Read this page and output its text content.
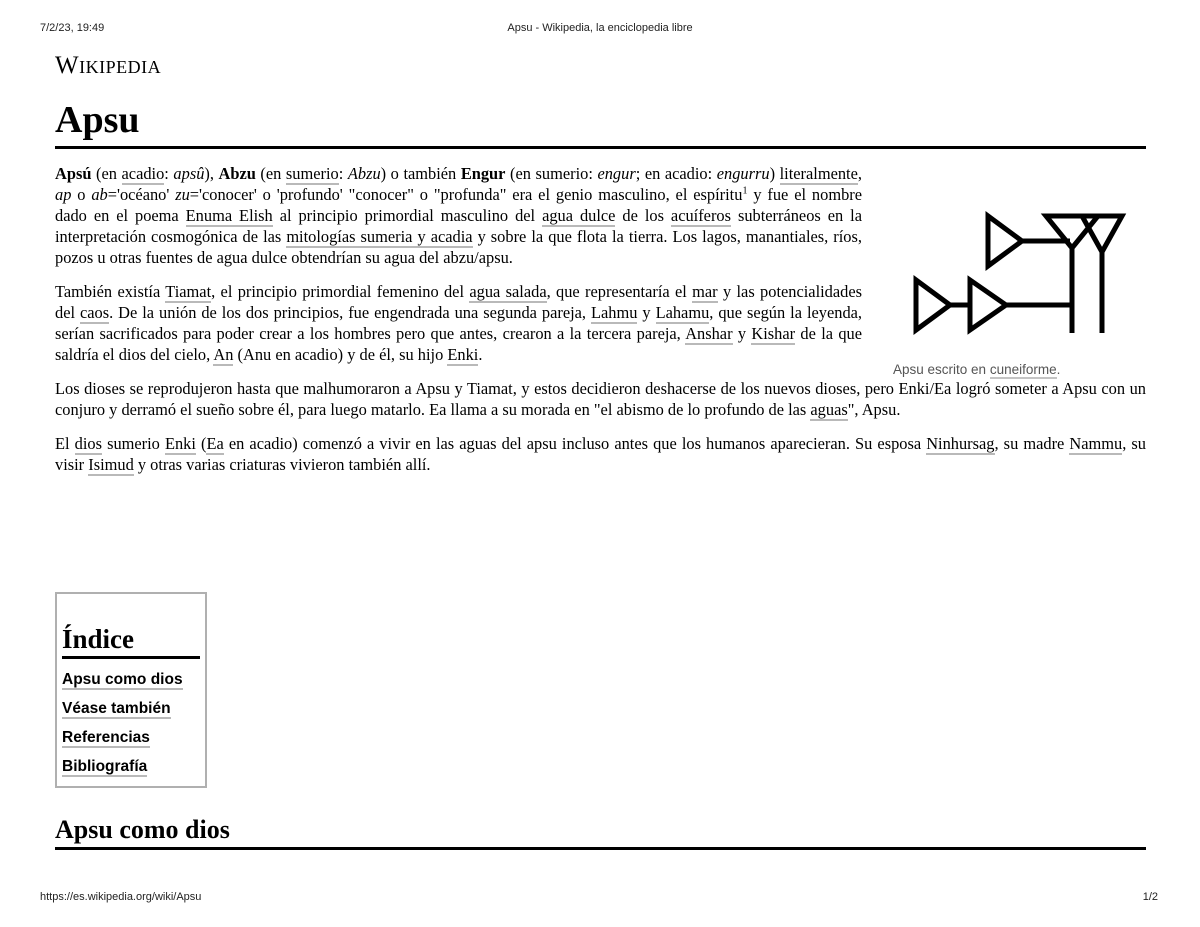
7/2/23, 19:49	Apsu - Wikipedia, la enciclopedia libre
Wikipedia
Apsu

Apsú (en acadio: apsû), Abzu (en sumerio: Abzu) o también Engur (en sumerio: engur; en acadio: engurru) literalmente, ap o ab='océano' zu='conocer' o 'profundo' "conocer" o "profunda" era el genio masculino, el espíritu$^1$ y fue el nombre dado en el poema Enuma Elish al principio primordial masculino del agua dulce de los acuíferos subterráneos en la interpretación cosmogónica de las mitologías sumeria y acadia y sobre la que flota la tierra. Los lagos, manantiales, ríos, pozos u otras fuentes de agua dulce obtendrían su agua del abzu/apsu.

También existía Tiamat, el principio primordial femenino del agua salada, que representaría el mar y las potencialidades del caos. De la unión de los dos principios, fue engendrada una segunda pareja, Lahmu y Lahamu, que según la leyenda, serían sacrificados para poder crear a los hombres pero que antes, crearon a la tercera pareja, Anshar y Kishar de la que saldría el dios del cielo, An (Anu en acadio) y de él, su hijo Enki.

Los dioses se reprodujeron hasta que malhumoraron a Apsu y Tiamat, y estos decidieron deshacerse de los nuevos dioses, pero Enki/Ea logró someter a Apsu con un conjuro y derramó el sueño sobre él, para luego matarlo. Ea llama a su morada en "el abismo de lo profundo de las aguas", Apsu.

El dios sumerio Enki (Ea en acadio) comenzó a vivir en las aguas del apsu incluso antes que los humanos aparecieran. Su esposa Ninhursag, su madre Nammu, su visir Isimud y otras varias criaturas vivieron también allí.

Apsu escrito en cuneiforme.
Índice
Apsu como dios
Véase también
Referencias
Bibliografía
Apsu como dios
https://es.wikipedia.org/wiki/Apsu	1/2
